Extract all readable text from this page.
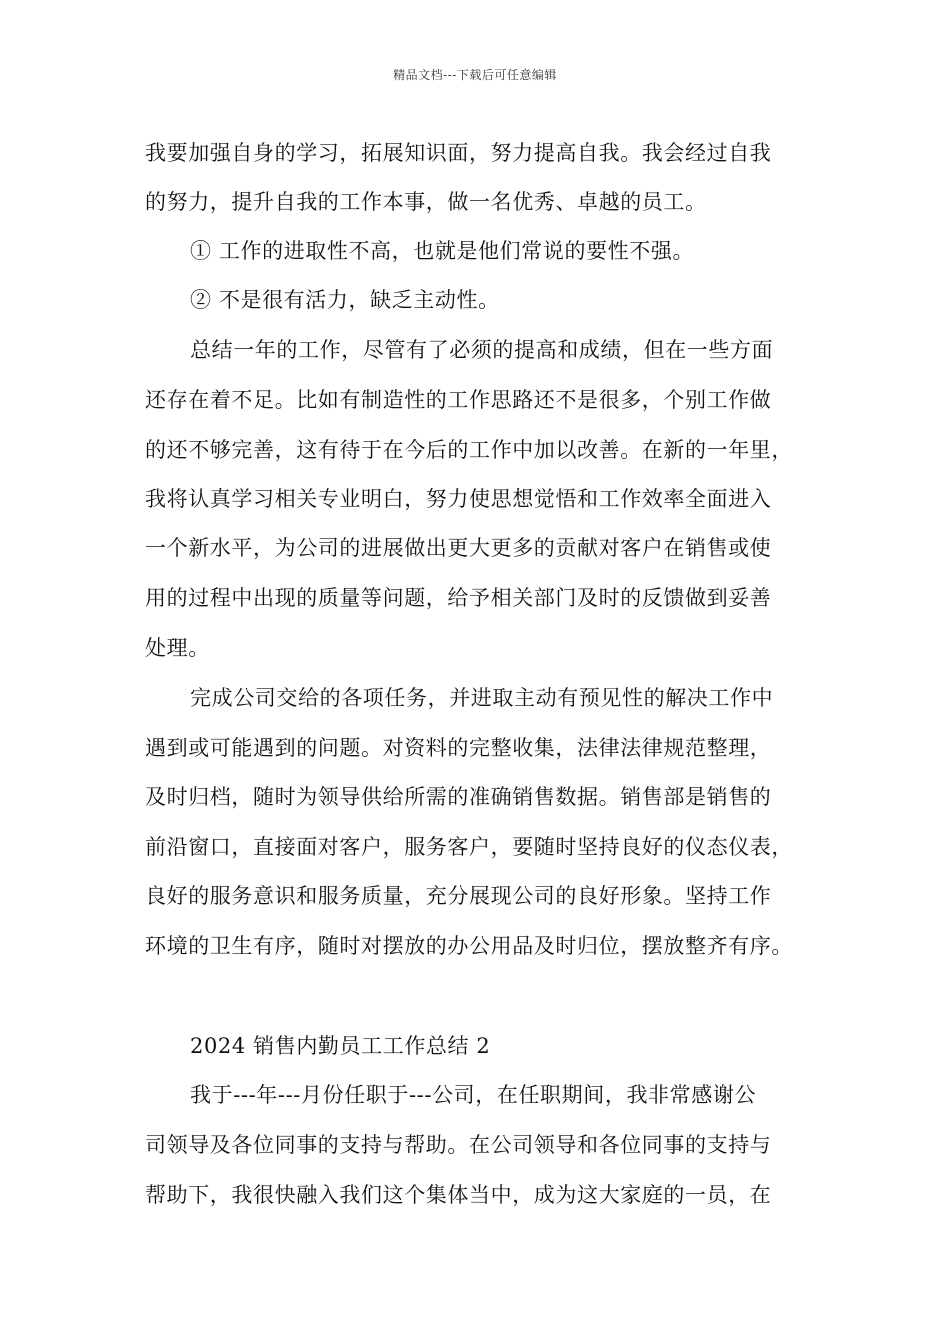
精品文档---下载后可任意编辑
我要加强自身的学习，拓展知识面，努力提高自我。我会经过自我
的努力，提升自我的工作本事，做一名优秀、卓越的员工。
① 工作的进取性不高，也就是他们常说的要性不强。
② 不是很有活力，缺乏主动性。
总结一年的工作，尽管有了必须的提高和成绩，但在一些方面
还存在着不足。比如有制造性的工作思路还不是很多，个别工作做
的还不够完善，这有待于在今后的工作中加以改善。在新的一年里，
我将认真学习相关专业明白，努力使思想觉悟和工作效率全面进入
一个新水平，为公司的进展做出更大更多的贡献对客户在销售或使
用的过程中出现的质量等问题，给予相关部门及时的反馈做到妥善
处理。
完成公司交给的各项任务，并进取主动有预见性的解决工作中
遇到或可能遇到的问题。对资料的完整收集，法律法律规范整理，
及时归档，随时为领导供给所需的准确销售数据。销售部是销售的
前沿窗口，直接面对客户，服务客户，要随时坚持良好的仪态仪表，
良好的服务意识和服务质量，充分展现公司的良好形象。坚持工作
环境的卫生有序，随时对摆放的办公用品及时归位，摆放整齐有序。
2024 销售内勤员工工作总结 2
我于---年---月份任职于---公司，在任职期间，我非常感谢公
司领导及各位同事的支持与帮助。在公司领导和各位同事的支持与
帮助下，我很快融入我们这个集体当中，成为这大家庭的一员，在
